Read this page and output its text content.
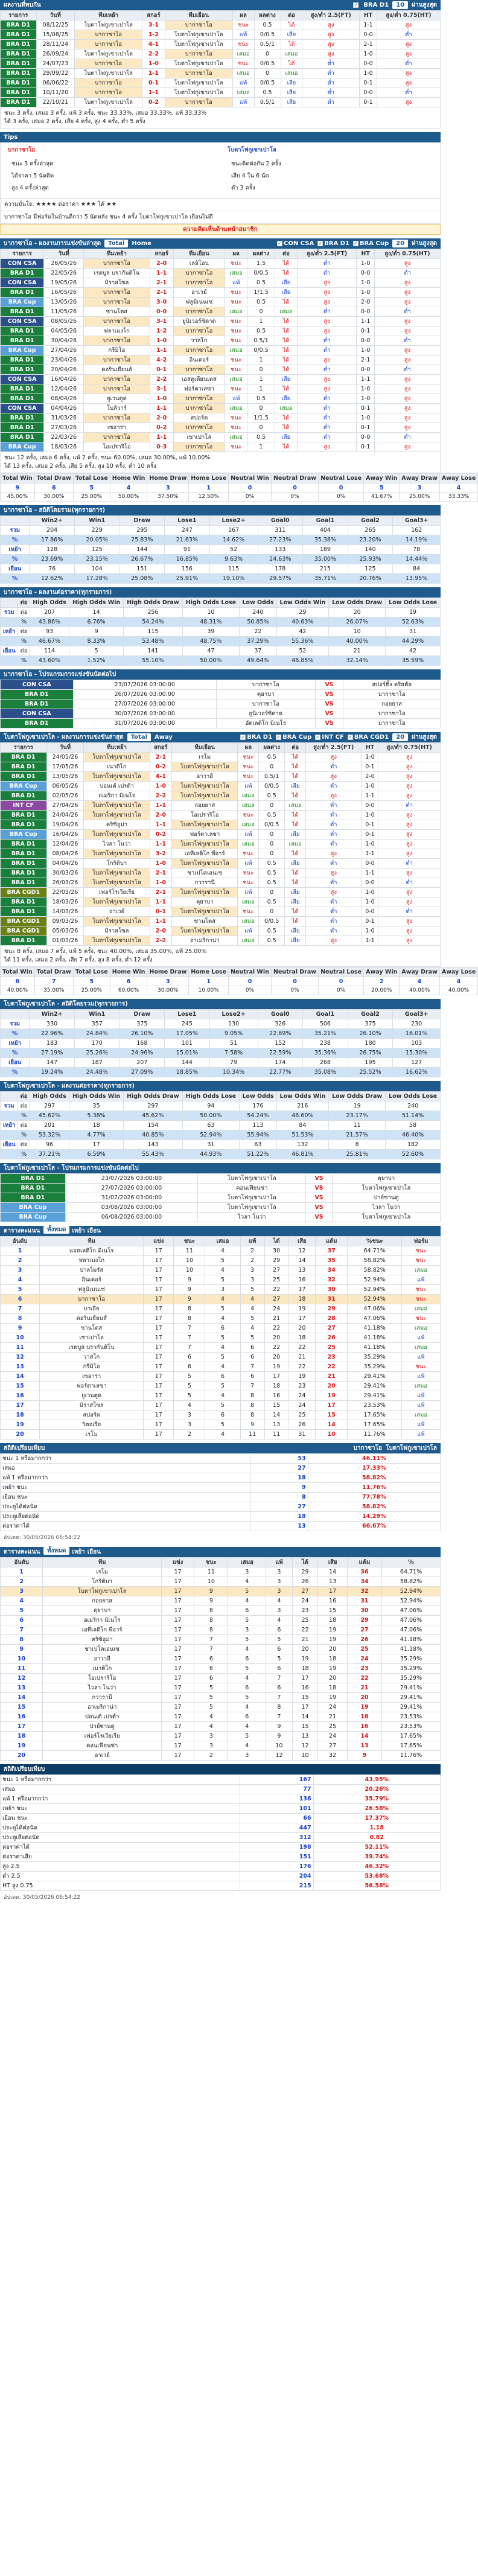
ผลงานที่พบกัน ✓	BRA D1	10	ผ่านสูงสุด
รายการ	วันที่	ทีมเหย้า	สกอร์	ทีมเยือน	ผล	ผลต่าง	ต่อ	สูง/ต่ำ 2.5(FT)	HT	สูง/ต่ำ 0.75(HT)
BRA D1	08/12/25	โบตาโฟกูเซาเปาโล	3-1	บากาซาโอ	ชนะ	0.5	ได้	สูง	1-1	สูง
BRA D1	15/08/25	บากาซาโอ	1-2	โบตาโฟกูเซาเปาโล	แพ้	0/0.5	เสีย	สูง	0-0	ต่ำ
BRA D1	28/11/24	บากาซาโอ	4-1	โบตาโฟกูเซาเปาโล	ชนะ	0.5/1	ได้	สูง	2-1	สูง
BRA D1	26/09/24	โบตาโฟกูเซาเปาโล	2-2	บากาซาโอ	เสมอ	0	เสมอ	สูง	1-0	สูง
BRA D1	24/07/23	บากาซาโอ	1-0	โบตาโฟกูเซาเปาโล	ชนะ	0/0.5	ได้	ต่ำ	0-0	ต่ำ
BRA D1	29/09/22	โบตาโฟกูเซาเปาโล	1-1	บากาซาโอ	เสมอ	0	เสมอ	ต่ำ	1-0	สูง
BRA D1	06/06/22	บากาซาโอ	0-1	โบตาโฟกูเซาเปาโล	แพ้	0/0.5	เสีย	ต่ำ	0-1	สูง
BRA D1	10/11/20	บากาซาโอ	1-1	โบตาโฟกูเซาเปาโล	เสมอ	0.5	เสีย	ต่ำ	0-0	ต่ำ
BRA D1	22/10/21	โบตาโฟกูเซาเปาโล	0-2	บากาซาโอ	แพ้	0.5/1	เสีย	ต่ำ	0-1	สูง
ชนะ 3 ครั้ง, เสมอ 3 ครั้ง, แพ้ 3 ครั้ง, ชนะ 33.33%, เสมอ 33.33%, แพ้ 33.33%
ได้ 3 ครั้ง, เสมอ 2 ครั้ง, เสีย 4 ครั้ง, สูง 4 ครั้ง, ต่ำ 5 ครั้ง
Tips
บากาซาโอ
ชนะ 3 ครั้งล่าสุด
ได้ราคา 5 นัดติด
สูง 4 ครั้งล่าสุด
โบตาโฟกูเซาเปาโล
ชนะติดต่อกัน 2 ครั้ง
เสีย 4 ใน 6 นัด
ต่ำ 3 ครั้ง
ความมั่นใจ: ★★★★ ต่อราคา ★★★ ได้ ★★
บากาซาโอ มีฟอร์มในบ้านดีกว่า 5 นัดหลัง ชนะ 4 ครั้ง โบตาโฟกูเซาเปาโล เยือนไม่ดี
ความคิดเห็นด้านหน้าสมาชิก
บากาซาโอ - ผลงานการแข่งขันล่าสุด	Total	Home ✓	CON CSA ✓	BRA D1 ✓	BRA Cup	20	ผ่านสูงสุด
รายการ	วันที่	ทีมเหย้า	สกอร์	ทีมเยือน	ผล	ผลต่าง	ต่อ	สูง/ต่ำ 2.5(FT)	HT	สูง/ต่ำ 0.75(HT)
CON CSA	26/05/26	บากาซาโอ	2-0	เลอิโอน	ชนะ	1.5	ได้	ต่ำ	1-0	สูง
BRA D1	22/05/26	เรดบูล บรากันติโน	1-1	บากาซาโอ	เสมอ	0/0.5	ได้	ต่ำ	0-0	ต่ำ
CON CSA	19/05/26	มิราสโซล	2-1	บากาซาโอ	แพ้	0.5	เสีย	สูง	1-0	สูง
BRA D1	16/05/26	บากาซาโอ	2-1	อาเวย์	ชนะ	1/1.5	เสีย	สูง	1-0	สูง
BRA Cup	13/05/26	บากาซาโอ	3-0	ฟลูมิเนนเซ่	ชนะ	0.5	ได้	สูง	2-0	สูง
BRA D1	11/05/26	ซานโตส	0-0	บากาซาโอ	เสมอ	0	เสมอ	ต่ำ	0-0	ต่ำ
CON CSA	08/05/26	บากาซาโอ	3-1	ยูนิเวอร์ซิดาด	ชนะ	1	ได้	สูง	1-1	สูง
BRA D1	04/05/26	ฟลาเมงโก	1-2	บากาซาโอ	ชนะ	0.5	ได้	สูง	0-1	สูง
BRA D1	30/04/26	บากาซาโอ	1-0	วาสโก	ชนะ	0.5/1	ได้	ต่ำ	0-0	ต่ำ
BRA Cup	27/04/26	กรีมิโอ	1-1	บากาซาโอ	เสมอ	0/0.5	ได้	ต่ำ	1-0	สูง
BRA D1	23/04/26	บากาซาโอ	4-2	อินเตอร์	ชนะ	1	ได้	สูง	2-1	สูง
BRA D1	20/04/26	คอรินเธียนส์	0-1	บากาซาโอ	ชนะ	0	ได้	ต่ำ	0-0	ต่ำ
CON CSA	16/04/26	บากาซาโอ	2-2	เอสตูเดียนเตส	เสมอ	1	เสีย	สูง	1-1	สูง
BRA D1	12/04/26	บากาซาโอ	3-1	ฟอร์ตาเลซา	ชนะ	1	ได้	สูง	1-0	สูง
BRA D1	08/04/26	ยูเวนตูด	1-0	บากาซาโอ	แพ้	0.5	เสีย	ต่ำ	1-0	สูง
CON CSA	04/04/26	โบลิวาร์	1-1	บากาซาโอ	เสมอ	0	เสมอ	ต่ำ	0-1	สูง
BRA D1	31/03/26	บากาซาโอ	2-0	สปอร์ต	ชนะ	1/1.5	ได้	ต่ำ	1-0	สูง
BRA D1	27/03/26	เซอาร่า	0-2	บากาซาโอ	ชนะ	0	ได้	ต่ำ	0-1	สูง
BRA D1	22/03/26	บากาซาโอ	1-1	เซาเปาโล	เสมอ	0.5	เสีย	ต่ำ	0-0	ต่ำ
BRA Cup	18/03/26	โอเปราริโอ	0-3	บากาซาโอ	ชนะ	1	ได้	สูง	0-1	สูง
ชนะ 12 ครั้ง, เสมอ 6 ครั้ง, แพ้ 2 ครั้ง, ชนะ 60.00%, เสมอ 30.00%, แพ้ 10.00%
ได้ 13 ครั้ง, เสมอ 2 ครั้ง, เสีย 5 ครั้ง, สูง 10 ครั้ง, ต่ำ 10 ครั้ง
Total Win	Total Draw	Total Lose	Home Win	Home Draw	Home Lose	Neutral Win	Neutral Draw	Neutral Lose	Away Win	Away Draw	Away Lose
9	6	5	4	3	1	0	0	0	5	3	4
45.00%	30.00%	25.00%	50.00%	37.50%	12.50%	0%	0%	0%	41.67%	25.00%	33.33%
บากาซาโอ - สถิติโดยรวม(ทุกรายการ)
	Win2+	Win1	Draw	Lose1	Lose2+	Goal0	Goal1	Goal2	Goal3+
รวม	204	229	295	247	167	311	404	265	162
%	17.86%	20.05%	25.83%	21.63%	14.62%	27.23%	35.38%	23.20%	14.19%
เหย้า	128	125	144	91	52	133	189	140	78
%	23.69%	23.15%	26.67%	16.85%	9.63%	24.63%	35.00%	25.93%	14.44%
เยือน	76	104	151	156	115	178	215	125	84
%	12.62%	17.28%	25.08%	25.91%	19.10%	29.57%	35.71%	20.76%	13.95%
บากาซาโอ - ผลงานต่อราคา(ทุกรายการ)
	ต่อ	High Odds	High Odds Win	High Odds Draw	High Odds Lose	Low Odds	Low Odds Win	Low Odds Draw	Low Odds Lose
รวม	ต่อ	207	14	256	10	240	29	20	19
	%	43.86%	6.76%	54.24%	48.31%	50.85%	40.63%	26.07%	52.63%
เหย้า	ต่อ	93	9	115	39	22	42	10	31
	%	46.67%	8.33%	53.48%	48.75%	37.29%	55.36%	40.00%	44.29%
เยือน	ต่อ	114	5	141	47	37	52	21	42
	%	43.60%	1.52%	55.10%	50.00%	49.64%	46.85%	32.14%	35.59%
บากาซาโอ - โปรแกรมการแข่งขันนัดต่อไป
CON CSA	23/07/2026 03:00:00	บากาซาโอ	VS	สปอร์ติ้ง คริสตัล
BRA D1	26/07/2026 03:00:00	คุยาบา	VS	บากาซาโอ
BRA D1	27/07/2026 03:00:00	บากาซาโอ	VS	กอยยาส
CON CSA	30/07/2026 03:00:00	ยูนิเวอร์ซิดาด	VS	บากาซาโอ
BRA D1	31/07/2026 03:00:00	อัตเลติโก มิเนโร	VS	บากาซาโอ
โบตาโฟกูเซาเปาโล - ผลงานการแข่งขันล่าสุด	Total	Away ✓	BRA D1 ✓	BRA Cup ✓	INT CF ✓	BRA CGD1	20	ผ่านสูงสุด
รายการ	วันที่	ทีมเหย้า	สกอร์	ทีมเยือน	ผล	ผลต่าง	ต่อ	สูง/ต่ำ 2.5(FT)	HT	สูง/ต่ำ 0.75(HT)
BRA D1	24/05/26	โบตาโฟกูเซาเปาโล	2-1	เรโม	ชนะ	0.5	ได้	สูง	1-0	สูง
BRA D1	17/05/26	เนาติโก	0-2	โบตาโฟกูเซาเปาโล	ชนะ	0	ได้	ต่ำ	0-1	สูง
BRA D1	13/05/26	โบตาโฟกูเซาเปาโล	4-1	อาวาอี	ชนะ	0.5/1	ได้	สูง	2-0	สูง
BRA Cup	06/05/26	ปอนเต้ เปรต้า	1-0	โบตาโฟกูเซาเปาโล	แพ้	0/0.5	เสีย	ต่ำ	1-0	สูง
BRA D1	02/05/26	อเมริกา มิเนโร	2-2	โบตาโฟกูเซาเปาโล	เสมอ	0.5	ได้	สูง	1-1	สูง
INT CF	27/04/26	โบตาโฟกูเซาเปาโล	1-1	กอยยาส	เสมอ	0	เสมอ	ต่ำ	0-0	ต่ำ
BRA D1	24/04/26	โบตาโฟกูเซาเปาโล	2-0	โอเปราริโอ	ชนะ	0.5	ได้	ต่ำ	1-0	สูง
BRA D1	19/04/26	คริซิอูม่า	1-1	โบตาโฟกูเซาเปาโล	เสมอ	0/0.5	ได้	ต่ำ	0-1	สูง
BRA Cup	16/04/26	โบตาโฟกูเซาเปาโล	0-2	ฟอร์ตาเลซา	แพ้	0	เสีย	ต่ำ	0-1	สูง
BRA D1	12/04/26	ไวลา โนว่า	1-1	โบตาโฟกูเซาเปาโล	เสมอ	0	เสมอ	ต่ำ	1-0	สูง
BRA D1	08/04/26	โบตาโฟกูเซาเปาโล	3-2	เอทีเลติโก พีอาร์	ชนะ	0	ได้	สูง	1-1	สูง
BRA D1	04/04/26	โกริติบา	1-0	โบตาโฟกูเซาเปาโล	แพ้	0.5	เสีย	ต่ำ	0-0	ต่ำ
BRA D1	30/03/26	โบตาโฟกูเซาเปาโล	2-1	ชาเปโคเอนเซ	ชนะ	0.5	ได้	สูง	1-1	สูง
BRA D1	26/03/26	โบตาโฟกูเซาเปาโล	1-0	กวารานี	ชนะ	0.5	ได้	ต่ำ	0-0	ต่ำ
BRA CGD1	22/03/26	เฟอร์โรเวียเรีย	2-1	โบตาโฟกูเซาเปาโล	แพ้	0	เสีย	สูง	1-0	สูง
BRA D1	18/03/26	โบตาโฟกูเซาเปาโล	1-1	คุยาบา	เสมอ	0.5	เสีย	ต่ำ	1-0	สูง
BRA D1	14/03/26	อาเวย์	0-1	โบตาโฟกูเซาเปาโล	ชนะ	0	ได้	ต่ำ	0-0	ต่ำ
BRA CGD1	09/03/26	โบตาโฟกูเซาเปาโล	1-1	ซานโตส	เสมอ	0/0.5	ได้	ต่ำ	0-1	สูง
BRA CGD1	05/03/26	มิราสโซล	2-0	โบตาโฟกูเซาเปาโล	แพ้	0.5	เสีย	ต่ำ	1-0	สูง
BRA D1	01/03/26	โบตาโฟกูเซาเปาโล	2-2	อาเมริกาน่า	เสมอ	0.5	เสีย	สูง	1-1	สูง
ชนะ 8 ครั้ง, เสมอ 7 ครั้ง, แพ้ 5 ครั้ง, ชนะ 40.00%, เสมอ 35.00%, แพ้ 25.00%
ได้ 11 ครั้ง, เสมอ 2 ครั้ง, เสีย 7 ครั้ง, สูง 8 ครั้ง, ต่ำ 12 ครั้ง
Total Win	Total Draw	Total Lose	Home Win	Home Draw	Home Lose	Neutral Win	Neutral Draw	Neutral Lose	Away Win	Away Draw	Away Lose
8	7	5	6	3	1	0	0	0	2	4	4
40.00%	35.00%	25.00%	60.00%	30.00%	10.00%	0%	0%	0%	20.00%	40.00%	40.00%
โบตาโฟกูเซาเปาโล - สถิติโดยรวม(ทุกรายการ)
	Win2+	Win1	Draw	Lose1	Lose2+	Goal0	Goal1	Goal2	Goal3+
รวม	330	357	375	245	130	326	506	375	230
%	22.96%	24.84%	26.10%	17.05%	9.05%	22.69%	35.21%	26.10%	16.01%
เหย้า	183	170	168	101	51	152	238	180	103
%	27.19%	25.26%	24.96%	15.01%	7.58%	22.59%	35.36%	26.75%	15.30%
เยือน	147	187	207	144	79	174	268	195	127
%	19.24%	24.48%	27.09%	18.85%	10.34%	22.77%	35.08%	25.52%	16.62%
โบตาโฟกูเซาเปาโล - ผลงานต่อราคา(ทุกรายการ)
	ต่อ	High Odds	High Odds Win	High Odds Draw	High Odds Lose	Low Odds	Low Odds Win	Low Odds Draw	Low Odds Lose
รวม	ต่อ	297	35	297	94	176	216	19	240
	%	45.62%	5.38%	45.62%	50.00%	54.24%	48.60%	23.17%	51.14%
เหย้า	ต่อ	201	18	154	63	113	84	11	58
	%	53.32%	4.77%	40.85%	52.94%	55.94%	51.53%	21.57%	46.40%
เยือน	ต่อ	96	17	143	31	63	132	8	182
	%	37.21%	6.59%	55.43%	44.93%	51.22%	46.81%	25.81%	52.60%
โบตาโฟกูเซาเปาโล - โปรแกรมการแข่งขันนัดต่อไป
BRA D1	23/07/2026 03:00:00	โบตาโฟกูเซาเปาโล	VS	คุยาบา
BRA D1	27/07/2026 03:00:00	คอนเฟียนซ่า	VS	โบตาโฟกูเซาเปาโล
BRA D1	31/07/2026 03:00:00	โบตาโฟกูเซาเปาโล	VS	ปาย์ซานดู
BRA Cup	03/08/2026 03:00:00	โบตาโฟกูเซาเปาโล	VS	ไวลา โนว่า
BRA Cup	06/08/2026 03:00:00	ไวลา โนว่า	VS	โบตาโฟกูเซาเปาโล
ตารางคะแนน	ทั้งหมด	เหย้า เยือน
อันดับ	ทีม	แข่ง	ชนะ	เสมอ	แพ้	ได้	เสีย	แต้ม	%ชนะ	ฟอร์ม
1	แอตเลติโก มิเนโร	17	11	4	2	30	12	37	64.71%	ชนะ
2	ฟลาเมงโก	17	10	5	2	29	14	35	58.82%	ชนะ
3	ปาลไมรัส	17	10	4	3	27	13	34	58.82%	เสมอ
4	อินเตอร์	17	9	5	3	25	16	32	52.94%	แพ้
5	ฟลูมิเนนเซ่	17	9	3	5	22	17	30	52.94%	ชนะ
6	บากาซาโอ	17	9	4	4	27	18	31	52.94%	ชนะ
7	บาเอีย	17	8	5	4	24	19	29	47.06%	เสมอ
8	คอรินเธียนส์	17	8	4	5	21	17	28	47.06%	ชนะ
9	ซานโตส	17	7	6	4	22	20	27	41.18%	เสมอ
10	เซาเปาโล	17	7	5	5	20	18	26	41.18%	แพ้
11	เรดบูล บรากันติโน	17	7	4	6	22	22	25	41.18%	เสมอ
12	วาสโก	17	6	5	6	20	21	23	35.29%	แพ้
13	กรีมิโอ	17	6	4	7	19	22	22	35.29%	ชนะ
14	เซอาร่า	17	5	6	6	17	19	21	29.41%	แพ้
15	ฟอร์ตาเลซา	17	5	5	7	18	23	20	29.41%	เสมอ
16	ยูเวนตูด	17	5	4	8	16	24	19	29.41%	แพ้
17	มิราสโซล	17	4	5	8	15	24	17	23.53%	แพ้
18	สปอร์ต	17	3	6	8	14	25	15	17.65%	เสมอ
19	วิตอเรีย	17	3	5	9	13	26	14	17.65%	แพ้
20	เรโม	17	2	4	11	11	31	10	11.76%	แพ้
สถิติเปรียบเทียบ	บากาซาโอ โบตาโฟกูเซาเปาโล
ชนะ 1 หรือมากกว่า	53	46.11%
เสมอ	27	17.33%
แพ้ 1 หรือมากกว่า	18	58.82%
เหย้า ชนะ	9	11.76%
เยือน ชนะ	8	77.78%
ประตูได้ต่อนัด	27	58.82%
ประตูเสียต่อนัด	18	14.29%
ต่อราคาได้	13	66.67%
อัปเดต: 30/05/2026 06:54:22
ตารางคะแนน	ทั้งหมด	เหย้า เยือน
อันดับ	ทีม	แข่ง	ชนะ	เสมอ	แพ้	ได้	เสีย	แต้ม	%
1	เรโม	17	11	3	3	29	14	36	64.71%
2	โกริติบา	17	10	4	3	26	13	34	58.82%
3	โบตาโฟกูเซาเปาโล	17	9	5	3	27	17	32	52.94%
4	กอยยาส	17	9	4	4	24	16	31	52.94%
5	คุยาบา	17	8	6	3	23	15	30	47.06%
6	อเมริกา มิเนโร	17	8	5	4	25	18	29	47.06%
7	เอทีเลติโก พีอาร์	17	8	3	6	22	19	27	47.06%
8	คริซิอูม่า	17	7	5	5	21	19	26	41.18%
9	ชาเปโคเอนเซ	17	7	4	6	20	20	25	41.18%
10	อาวาอี	17	6	6	5	19	18	24	35.29%
11	เนาติโก	17	6	5	6	18	19	23	35.29%
12	โอเปราริโอ	17	6	4	7	17	20	22	35.29%
13	ไวลา โนว่า	17	5	6	6	16	18	21	29.41%
14	กวารานี	17	5	5	7	15	19	20	29.41%
15	อาเมริกาน่า	17	5	4	8	17	24	19	29.41%
16	ปอนเต้ เปรต้า	17	4	6	7	14	21	18	23.53%
17	ปาย์ซานดู	17	4	4	9	15	25	16	23.53%
18	เฟอร์โรเวียเรีย	17	3	5	9	13	24	14	17.65%
19	คอนเฟียนซ่า	17	3	4	10	12	27	13	17.65%
20	อาเวย์	17	2	3	12	10	32	9	11.76%
สถิติเปรียบเทียบ
ชนะ 1 หรือมากกว่า	167	43.95%
เสมอ	77	20.26%
แพ้ 1 หรือมากกว่า	136	35.79%
เหย้า ชนะ	101	26.58%
เยือน ชนะ	66	17.37%
ประตูได้ต่อนัด	447	1.18
ประตูเสียต่อนัด	312	0.82
ต่อราคาได้	198	52.11%
ต่อราคาเสีย	151	39.74%
สูง 2.5	176	46.32%
ต่ำ 2.5	204	53.68%
HT สูง 0.75	215	56.58%
อัปเดต: 30/05/2026 06:54:22
